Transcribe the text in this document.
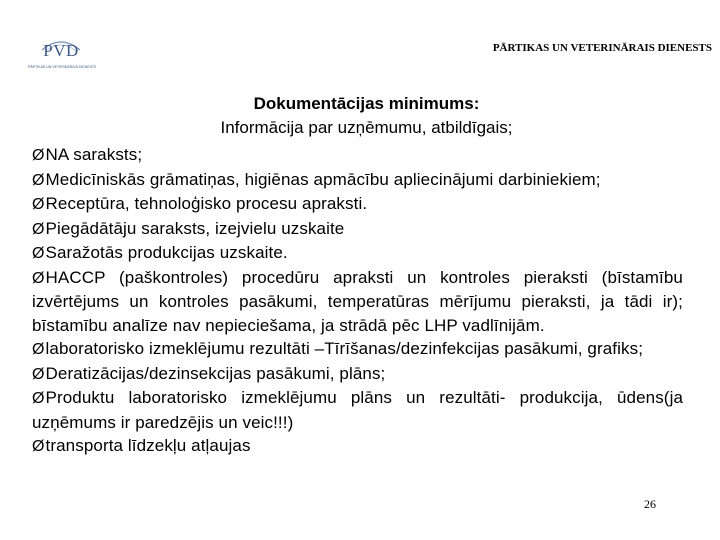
PVD
PĀRTIKAS UN VETERINĀRAIS DIENESTS
PĀRTIKAS UN VETERINĀRAIS DIENESTS
Dokumentācijas minimums:
Informācija par uzņēmumu, atbildīgais;
ØNA saraksts;
ØMedicīniskās grāmatiņas, higiēnas apmācību apliecinājumi darbiniekiem;
ØReceptūra, tehnoloģisko procesu apraksti.
ØPiegādātāju saraksts, izejvielu uzskaite
ØSaražotās produkcijas uzskaite.
ØHACCP (paškontroles) procedūru apraksti un kontroles pieraksti (bīstamību izvērtējums un kontroles pasākumi, temperatūras mērījumu pieraksti, ja tādi ir); bīstamību analīze nav nepieciešama, ja strādā pēc LHP vadlīnijām.
Ølaboratorisko izmeklējumu rezultāti –Tīrīšanas/dezinfekcijas pasākumi, grafiks;
ØDeratizācijas/dezinsekcijas pasākumi, plāns;
ØProduktu laboratorisko izmeklējumu plāns un rezultāti- produkcija, ūdens(ja uzņēmums ir paredzējis un veic!!!)
Øtransporta līdzekļu atļaujas
26
